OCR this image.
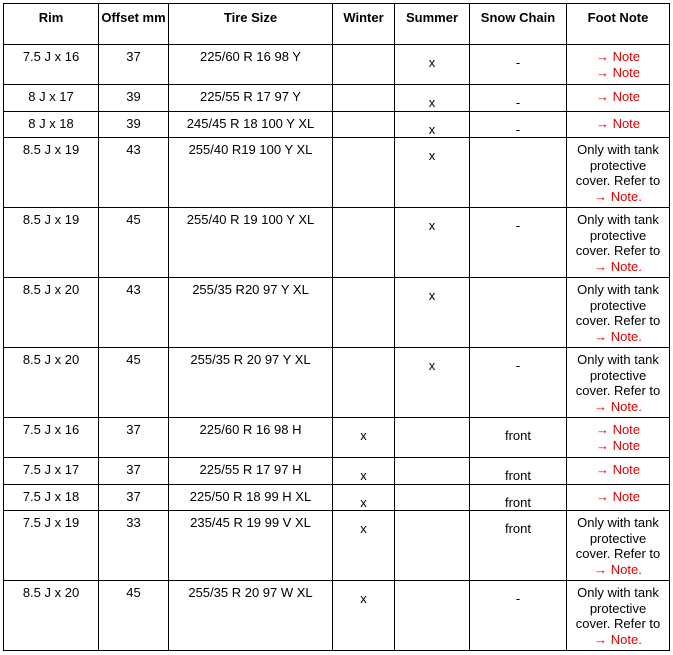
Rim	Offset mm	Tire Size	Winter	Summer	Snow Chain	Foot Note
7.5 J x 16	37	225/60 R 16 98 Y		x	-	→ Note
→ Note

8 J x 17	39	225/55 R 17 97 Y		x	-	→ Note

8 J x 18	39	245/45 R 18 100 Y XL		x	-	→ Note

8.5 J x 19	43	255/40 R19 100 Y XL		x		Only with tank
protective
cover. Refer to
→ Note.

8.5 J x 19	45	255/40 R 19 100 Y XL		x	-	Only with tank
protective
cover. Refer to
→ Note.

8.5 J x 20	43	255/35 R20 97 Y XL		x		Only with tank
protective
cover. Refer to
→ Note.

8.5 J x 20	45	255/35 R 20 97 Y XL		x	-	Only with tank
protective
cover. Refer to
→ Note.

7.5 J x 16	37	225/60 R 16 98 H	x		front	→ Note
→ Note

7.5 J x 17	37	225/55 R 17 97 H	x		front	→ Note

7.5 J x 18	37	225/50 R 18 99 H XL	x		front	→ Note

7.5 J x 19	33	235/45 R 19 99 V XL	x		front	Only with tank
protective
cover. Refer to
→ Note.

8.5 J x 20	45	255/35 R 20 97 W XL	x		-	Only with tank
protective
cover. Refer to
→ Note.
